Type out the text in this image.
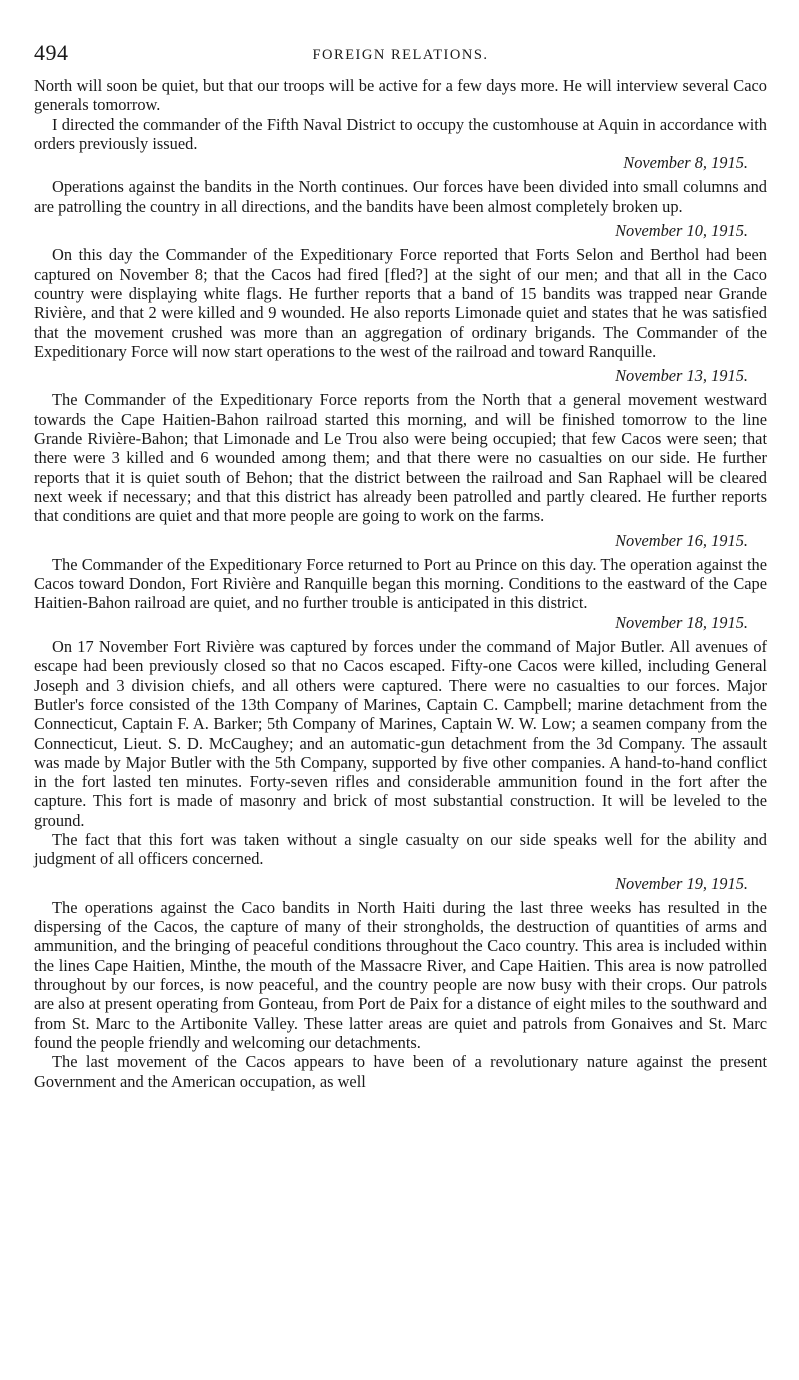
494	FOREIGN RELATIONS.

North will soon be quiet, but that our troops will be active for a few days more. He will interview several Caco generals tomorrow.

I directed the commander of the Fifth Naval District to occupy the customhouse at Aquin in accordance with orders previously issued.

November 8, 1915.

Operations against the bandits in the North continues. Our forces have been divided into small columns and are patrolling the country in all directions, and the bandits have been almost completely broken up.

November 10, 1915.

On this day the Commander of the Expeditionary Force reported that Forts Selon and Berthol had been captured on November 8; that the Cacos had fired [fled?] at the sight of our men; and that all in the Caco country were displaying white flags. He further reports that a band of 15 bandits was trapped near Grande Rivière, and that 2 were killed and 9 wounded. He also reports Limonade quiet and states that he was satisfied that the movement crushed was more than an aggregation of ordinary brigands. The Commander of the Expeditionary Force will now start operations to the west of the railroad and toward Ranquille.

November 13, 1915.

The Commander of the Expeditionary Force reports from the North that a general movement westward towards the Cape Haitien-Bahon railroad started this morning, and will be finished tomorrow to the line Grande Rivière-Bahon; that Limonade and Le Trou also were being occupied; that few Cacos were seen; that there were 3 killed and 6 wounded among them; and that there were no casualties on our side. He further reports that it is quiet south of Behon; that the district between the railroad and San Raphael will be cleared next week if necessary; and that this district has already been patrolled and partly cleared. He further reports that conditions are quiet and that more people are going to work on the farms.

November 16, 1915.

The Commander of the Expeditionary Force returned to Port au Prince on this day. The operation against the Cacos toward Dondon, Fort Rivière and Ranquille began this morning. Conditions to the eastward of the Cape Haitien-Bahon railroad are quiet, and no further trouble is anticipated in this district.

November 18, 1915.

On 17 November Fort Rivière was captured by forces under the command of Major Butler. All avenues of escape had been previously closed so that no Cacos escaped. Fifty-one Cacos were killed, including General Joseph and 3 division chiefs, and all others were captured. There were no casualties to our forces. Major Butler's force consisted of the 13th Company of Marines, Captain C. Campbell; marine detachment from the Connecticut, Captain F. A. Barker; 5th Company of Marines, Captain W. W. Low; a seamen company from the Connecticut, Lieut. S. D. McCaughey; and an automatic-gun detachment from the 3d Company. The assault was made by Major Butler with the 5th Company, supported by five other companies. A hand-to-hand conflict in the fort lasted ten minutes. Forty-seven rifles and considerable ammunition found in the fort after the capture. This fort is made of masonry and brick of most substantial construction. It will be leveled to the ground.

The fact that this fort was taken without a single casualty on our side speaks well for the ability and judgment of all officers concerned.

November 19, 1915.

The operations against the Caco bandits in North Haiti during the last three weeks has resulted in the dispersing of the Cacos, the capture of many of their strongholds, the destruction of quantities of arms and ammunition, and the bringing of peaceful conditions throughout the Caco country. This area is included within the lines Cape Haitien, Minthe, the mouth of the Massacre River, and Cape Haitien. This area is now patrolled throughout by our forces, is now peaceful, and the country people are now busy with their crops. Our patrols are also at present operating from Gonteau, from Port de Paix for a distance of eight miles to the southward and from St. Marc to the Artibonite Valley. These latter areas are quiet and patrols from Gonaives and St. Marc found the people friendly and welcoming our detachments.

The last movement of the Cacos appears to have been of a revolutionary nature against the present Government and the American occupation, as well
